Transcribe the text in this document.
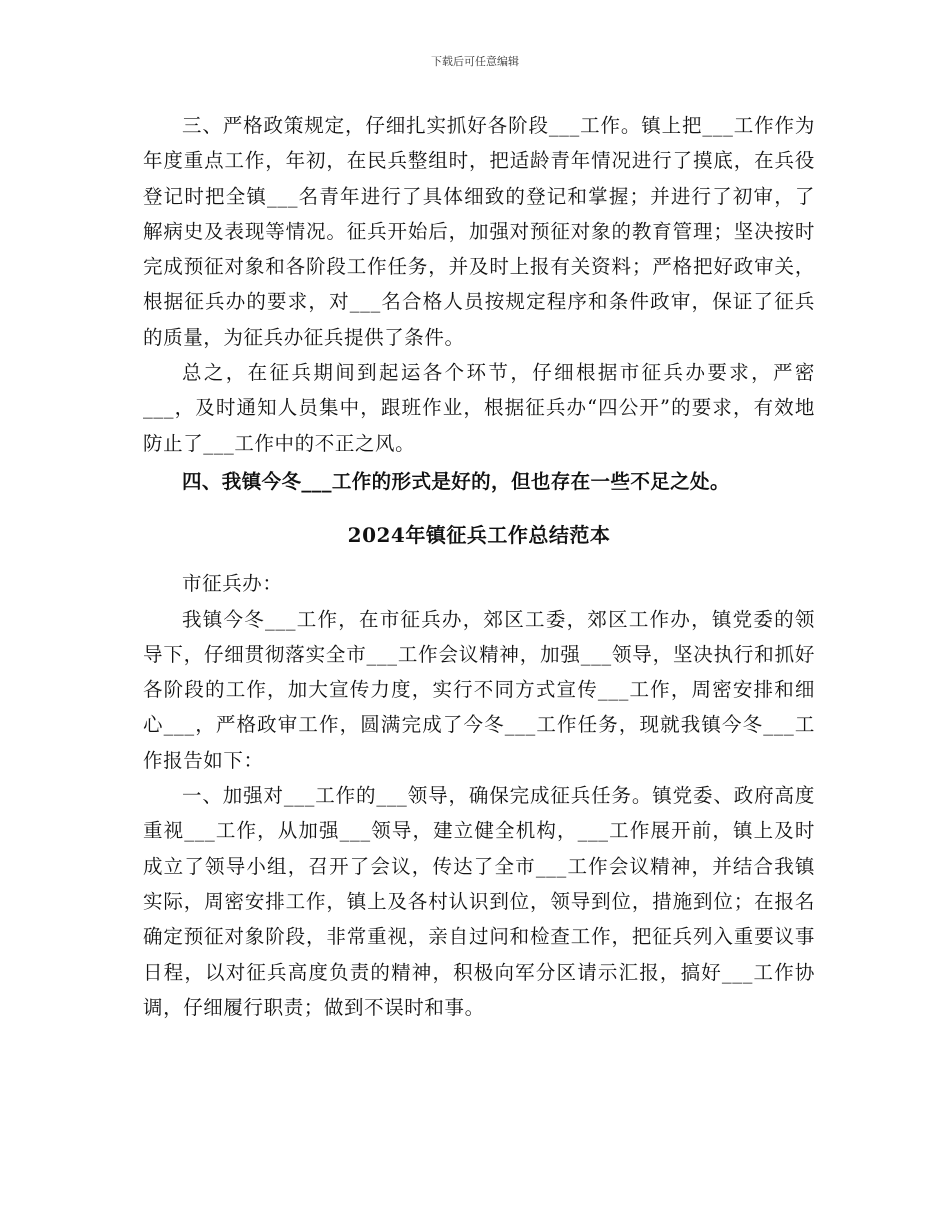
下载后可任意编辑

三、严格政策规定，仔细扎实抓好各阶段___工作。镇上把___工作作为年度重点工作，年初，在民兵整组时，把适龄青年情况进行了摸底，在兵役登记时把全镇___名青年进行了具体细致的登记和掌握；并进行了初审，了解病史及表现等情况。征兵开始后，加强对预征对象的教育管理；坚决按时完成预征对象和各阶段工作任务，并及时上报有关资料；严格把好政审关，根据征兵办的要求，对___名合格人员按规定程序和条件政审，保证了征兵的质量，为征兵办征兵提供了条件。

总之，在征兵期间到起运各个环节，仔细根据市征兵办要求，严密___，及时通知人员集中，跟班作业，根据征兵办“四公开”的要求，有效地防止了___工作中的不正之风。

四、我镇今冬___工作的形式是好的，但也存在一些不足之处。

2024年镇征兵工作总结范本

市征兵办：

我镇今冬___工作，在市征兵办，郊区工委，郊区工作办，镇党委的领导下，仔细贯彻落实全市___工作会议精神，加强___领导，坚决执行和抓好各阶段的工作，加大宣传力度，实行不同方式宣传___工作，周密安排和细心___，严格政审工作，圆满完成了今冬___工作任务，现就我镇今冬___工作报告如下：

一、加强对___工作的___领导，确保完成征兵任务。镇党委、政府高度重视___工作，从加强___领导，建立健全机构，___工作展开前，镇上及时成立了领导小组，召开了会议，传达了全市___工作会议精神，并结合我镇实际，周密安排工作，镇上及各村认识到位，领导到位，措施到位；在报名确定预征对象阶段，非常重视，亲自过问和检查工作，把征兵列入重要议事日程，以对征兵高度负责的精神，积极向军分区请示汇报，搞好___工作协调，仔细履行职责；做到不误时和事。
